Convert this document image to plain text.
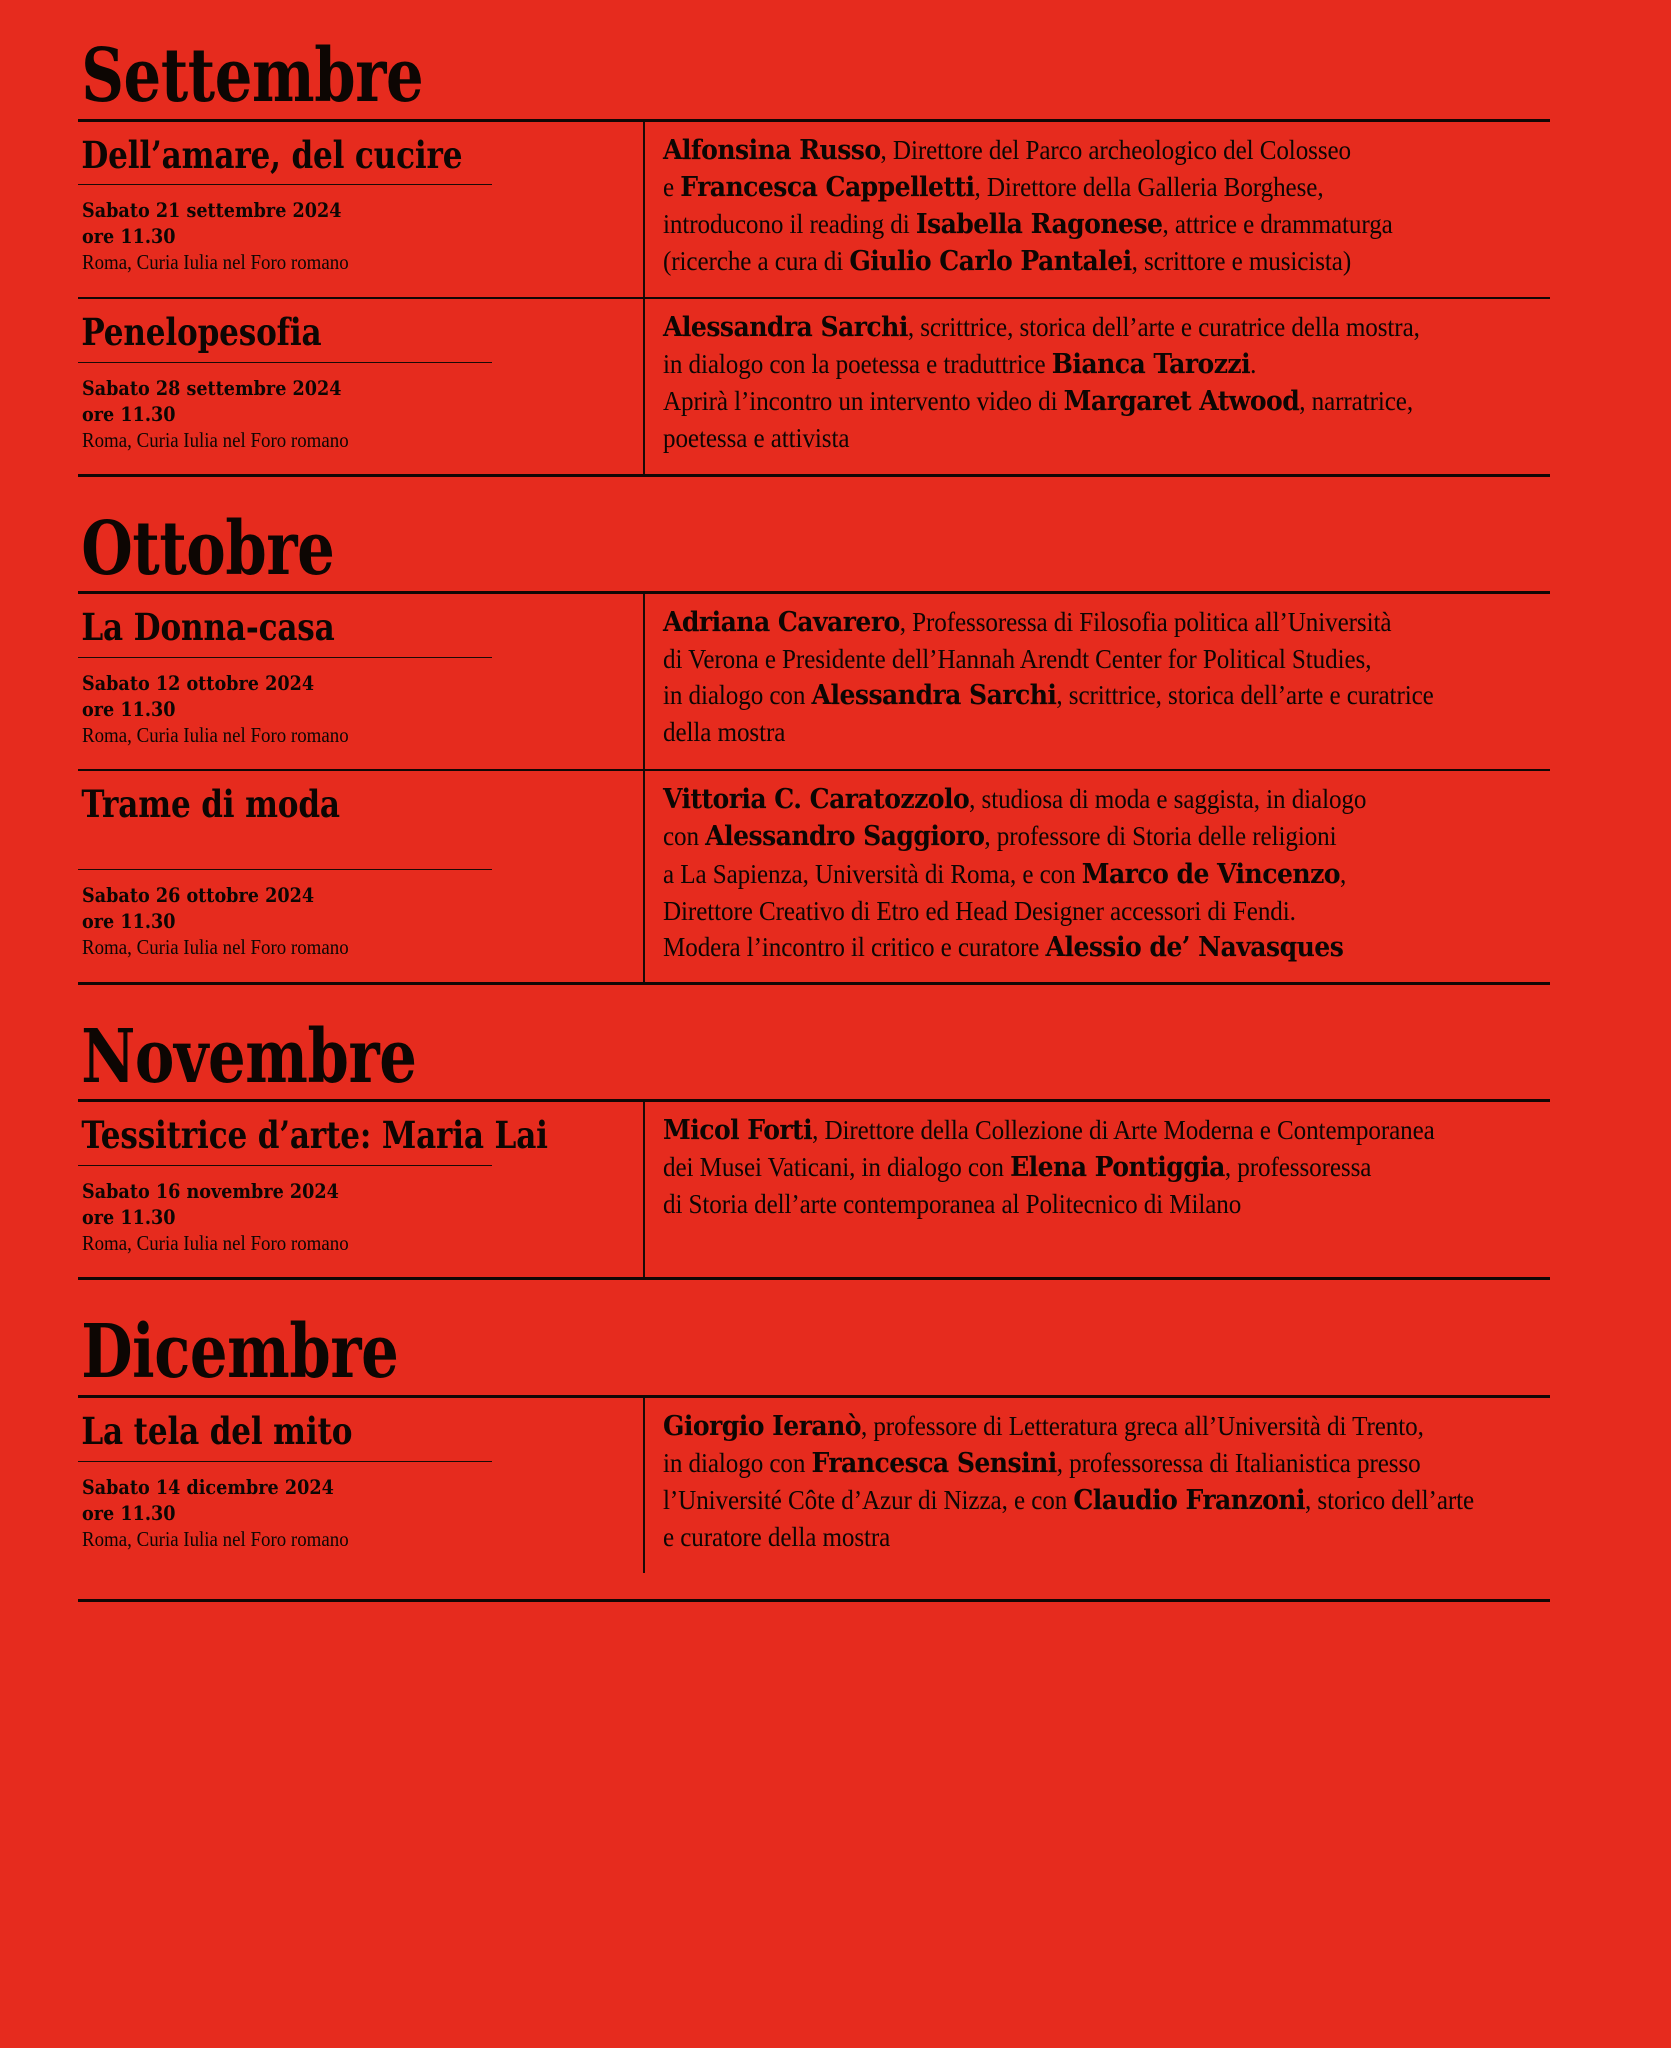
Settembre
Dell’amare, del cucire
Sabato 21 settembre 2024
ore 11.30
Roma, Curia Iulia nel Foro romano
Alfonsina Russo, Direttore del Parco archeologico del Colosseo
e Francesca Cappelletti, Direttore della Galleria Borghese,
introducono il reading di Isabella Ragonese, attrice e drammaturga
(ricerche a cura di Giulio Carlo Pantalei, scrittore e musicista)
Penelopesofia
Sabato 28 settembre 2024
ore 11.30
Roma, Curia Iulia nel Foro romano
Alessandra Sarchi, scrittrice, storica dell’arte e curatrice della mostra,
in dialogo con la poetessa e traduttrice Bianca Tarozzi.
Aprirà l’incontro un intervento video di Margaret Atwood, narratrice,
poetessa e attivista
Ottobre
La Donna-casa
Sabato 12 ottobre 2024
ore 11.30
Roma, Curia Iulia nel Foro romano
Adriana Cavarero, Professoressa di Filosofia politica all’Università
di Verona e Presidente dell’Hannah Arendt Center for Political Studies,
in dialogo con Alessandra Sarchi, scrittrice, storica dell’arte e curatrice
della mostra
Trame di moda
Sabato 26 ottobre 2024
ore 11.30
Roma, Curia Iulia nel Foro romano
Vittoria C. Caratozzolo, studiosa di moda e saggista, in dialogo
con Alessandro Saggioro, professore di Storia delle religioni
a La Sapienza, Università di Roma, e con Marco de Vincenzo,
Direttore Creativo di Etro ed Head Designer accessori di Fendi.
Modera l’incontro il critico e curatore Alessio de’ Navasques
Novembre
Tessitrice d’arte: Maria Lai
Sabato 16 novembre 2024
ore 11.30
Roma, Curia Iulia nel Foro romano
Micol Forti, Direttore della Collezione di Arte Moderna e Contemporanea
dei Musei Vaticani, in dialogo con Elena Pontiggia, professoressa
di Storia dell’arte contemporanea al Politecnico di Milano
Dicembre
La tela del mito
Sabato 14 dicembre 2024
ore 11.30
Roma, Curia Iulia nel Foro romano
Giorgio Ieranò, professore di Letteratura greca all’Università di Trento,
in dialogo con Francesca Sensini, professoressa di Italianistica presso
l’Université Côte d’Azur di Nizza, e con Claudio Franzoni, storico dell’arte
e curatore della mostra
